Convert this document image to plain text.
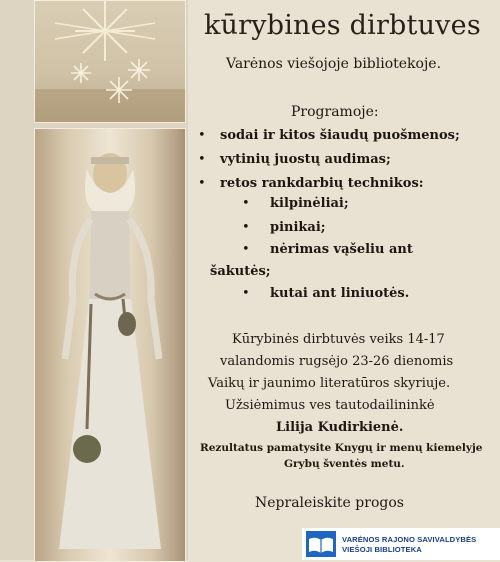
kūrybines dirbtuves
Varėnos viešojoje bibliotekoje.
Programoje:
• sodai ir kitos šiaudų puošmenos;
• vytinių juostų audimas;
• retos rankdarbių technikos:
• kilpinėliai;
• pinikai;
• nėrimas vąšeliu ant
šakutės;
• kutai ant liniuotės.
Kūrybinės dirbtuvės veiks 14-17
valandomis rugsėjo 23-26 dienomis
Vaikų ir jaunimo literatūros skyriuje.
Užsiėmimus ves tautodailininkė
Lilija Kudirkienė.
Rezultatus pamatysite Knygų ir menų kiemelyje
Grybų šventės metu.
Nepraleiskite progos
VARĖNOS RAJONO SAVIVALDYBĖS
VIEŠOJI BIBLIOTEKA
